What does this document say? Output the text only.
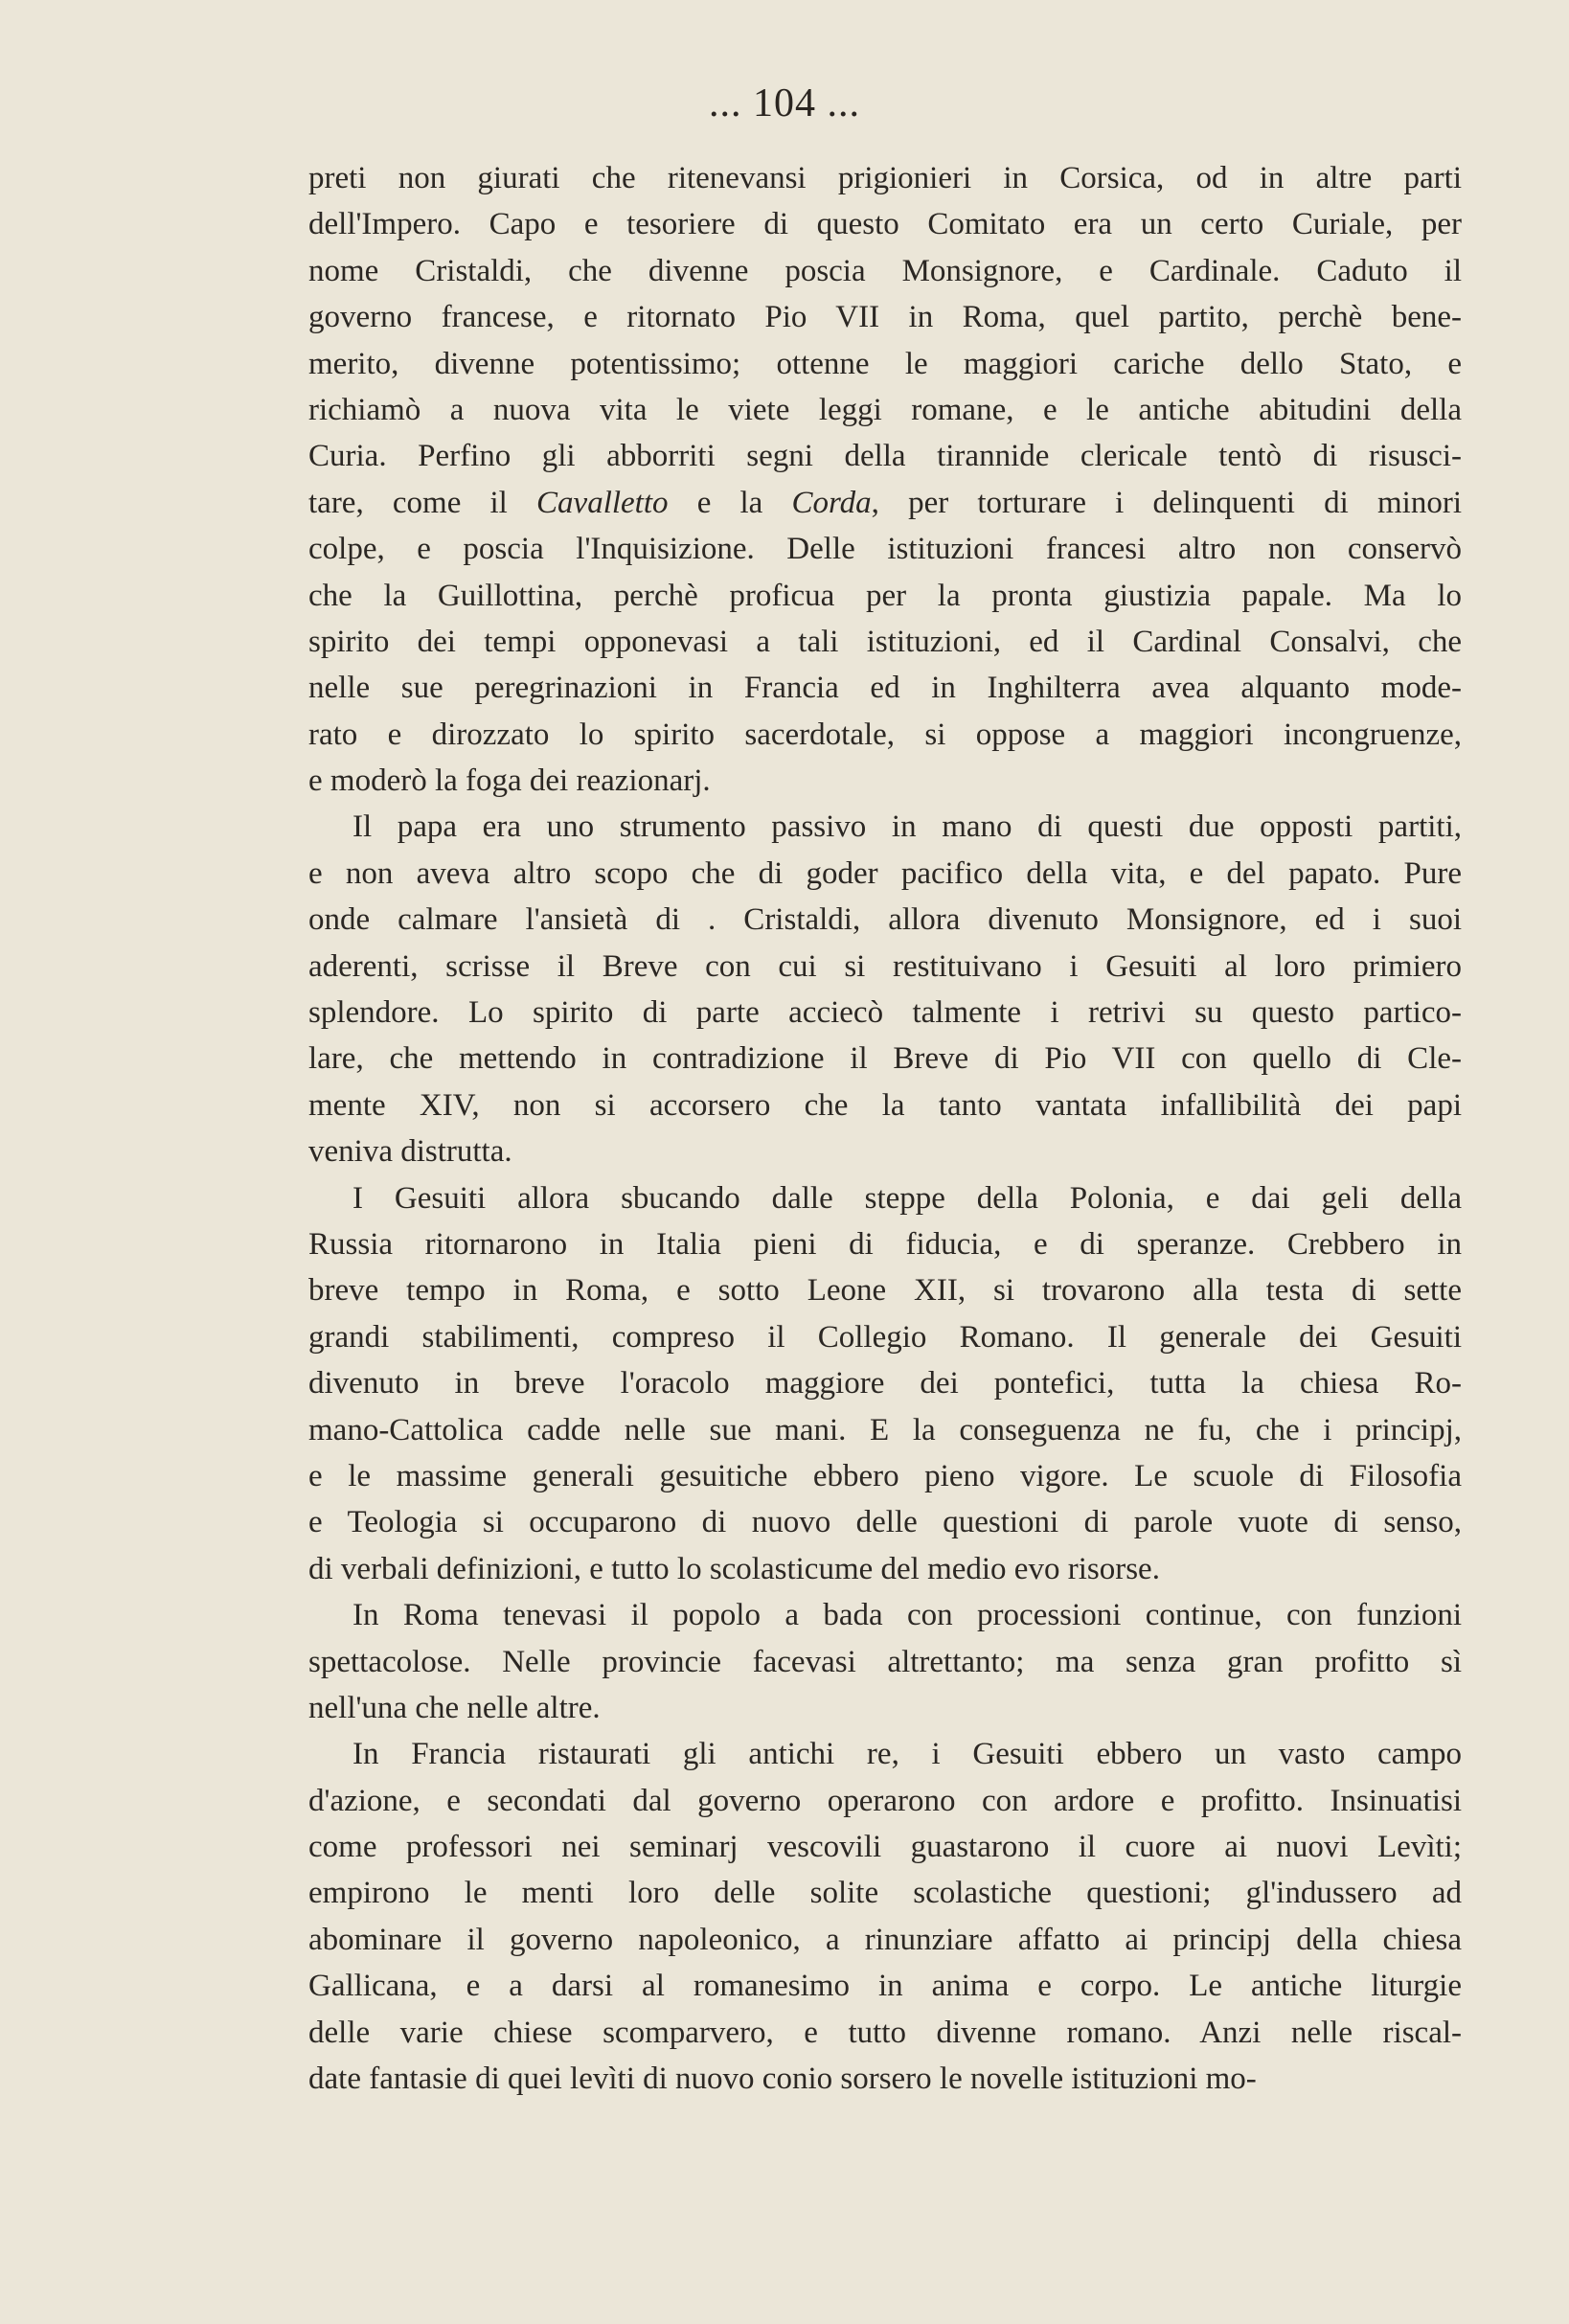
... 104 ...
preti non giurati che ritenevansi prigionieri in Corsica, od in altre parti
dell'Impero. Capo e tesoriere di questo Comitato era un certo Curiale, per
nome Cristaldi, che divenne poscia Monsignore, e Cardinale. Caduto il
governo francese, e ritornato Pio VII in Roma, quel partito, perchè bene-
merito, divenne potentissimo; ottenne le maggiori cariche dello Stato, e
richiamò a nuova vita le viete leggi romane, e le antiche abitudini della
Curia. Perfino gli abborriti segni della tirannide clericale tentò di risusci-
tare, come il Cavalletto e la Corda, per torturare i delinquenti di minori
colpe, e poscia l'Inquisizione. Delle istituzioni francesi altro non conservò
che la Guillottina, perchè proficua per la pronta giustizia papale. Ma lo
spirito dei tempi opponevasi a tali istituzioni, ed il Cardinal Consalvi, che
nelle sue peregrinazioni in Francia ed in Inghilterra avea alquanto mode-
rato e dirozzato lo spirito sacerdotale, si oppose a maggiori incongruenze,
e moderò la foga dei reazionarj.
Il papa era uno strumento passivo in mano di questi due opposti partiti,
e non aveva altro scopo che di goder pacifico della vita, e del papato. Pure
onde calmare l'ansietà di . Cristaldi, allora divenuto Monsignore, ed i suoi
aderenti, scrisse il Breve con cui si restituivano i Gesuiti al loro primiero
splendore. Lo spirito di parte acciecò talmente i retrivi su questo partico-
lare, che mettendo in contradizione il Breve di Pio VII con quello di Cle-
mente XIV, non si accorsero che la tanto vantata infallibilità dei papi
veniva distrutta.
I Gesuiti allora sbucando dalle steppe della Polonia, e dai geli della
Russia ritornarono in Italia pieni di fiducia, e di speranze. Crebbero in
breve tempo in Roma, e sotto Leone XII, si trovarono alla testa di sette
grandi stabilimenti, compreso il Collegio Romano. Il generale dei Gesuiti
divenuto in breve l'oracolo maggiore dei pontefici, tutta la chiesa Ro-
mano-Cattolica cadde nelle sue mani. E la conseguenza ne fu, che i principj,
e le massime generali gesuitiche ebbero pieno vigore. Le scuole di Filosofia
e Teologia si occuparono di nuovo delle questioni di parole vuote di senso,
di verbali definizioni, e tutto lo scolasticume del medio evo risorse.
In Roma tenevasi il popolo a bada con processioni continue, con funzioni
spettacolose. Nelle provincie facevasi altrettanto; ma senza gran profitto sì
nell'una che nelle altre.
In Francia ristaurati gli antichi re, i Gesuiti ebbero un vasto campo
d'azione, e secondati dal governo operarono con ardore e profitto. Insinuatisi
come professori nei seminarj vescovili guastarono il cuore ai nuovi Levìti;
empirono le menti loro delle solite scolastiche questioni; gl'indussero ad
abominare il governo napoleonico, a rinunziare affatto ai principj della chiesa
Gallicana, e a darsi al romanesimo in anima e corpo. Le antiche liturgie
delle varie chiese scomparvero, e tutto divenne romano. Anzi nelle riscal-
date fantasie di quei levìti di nuovo conio sorsero le novelle istituzioni mo-
